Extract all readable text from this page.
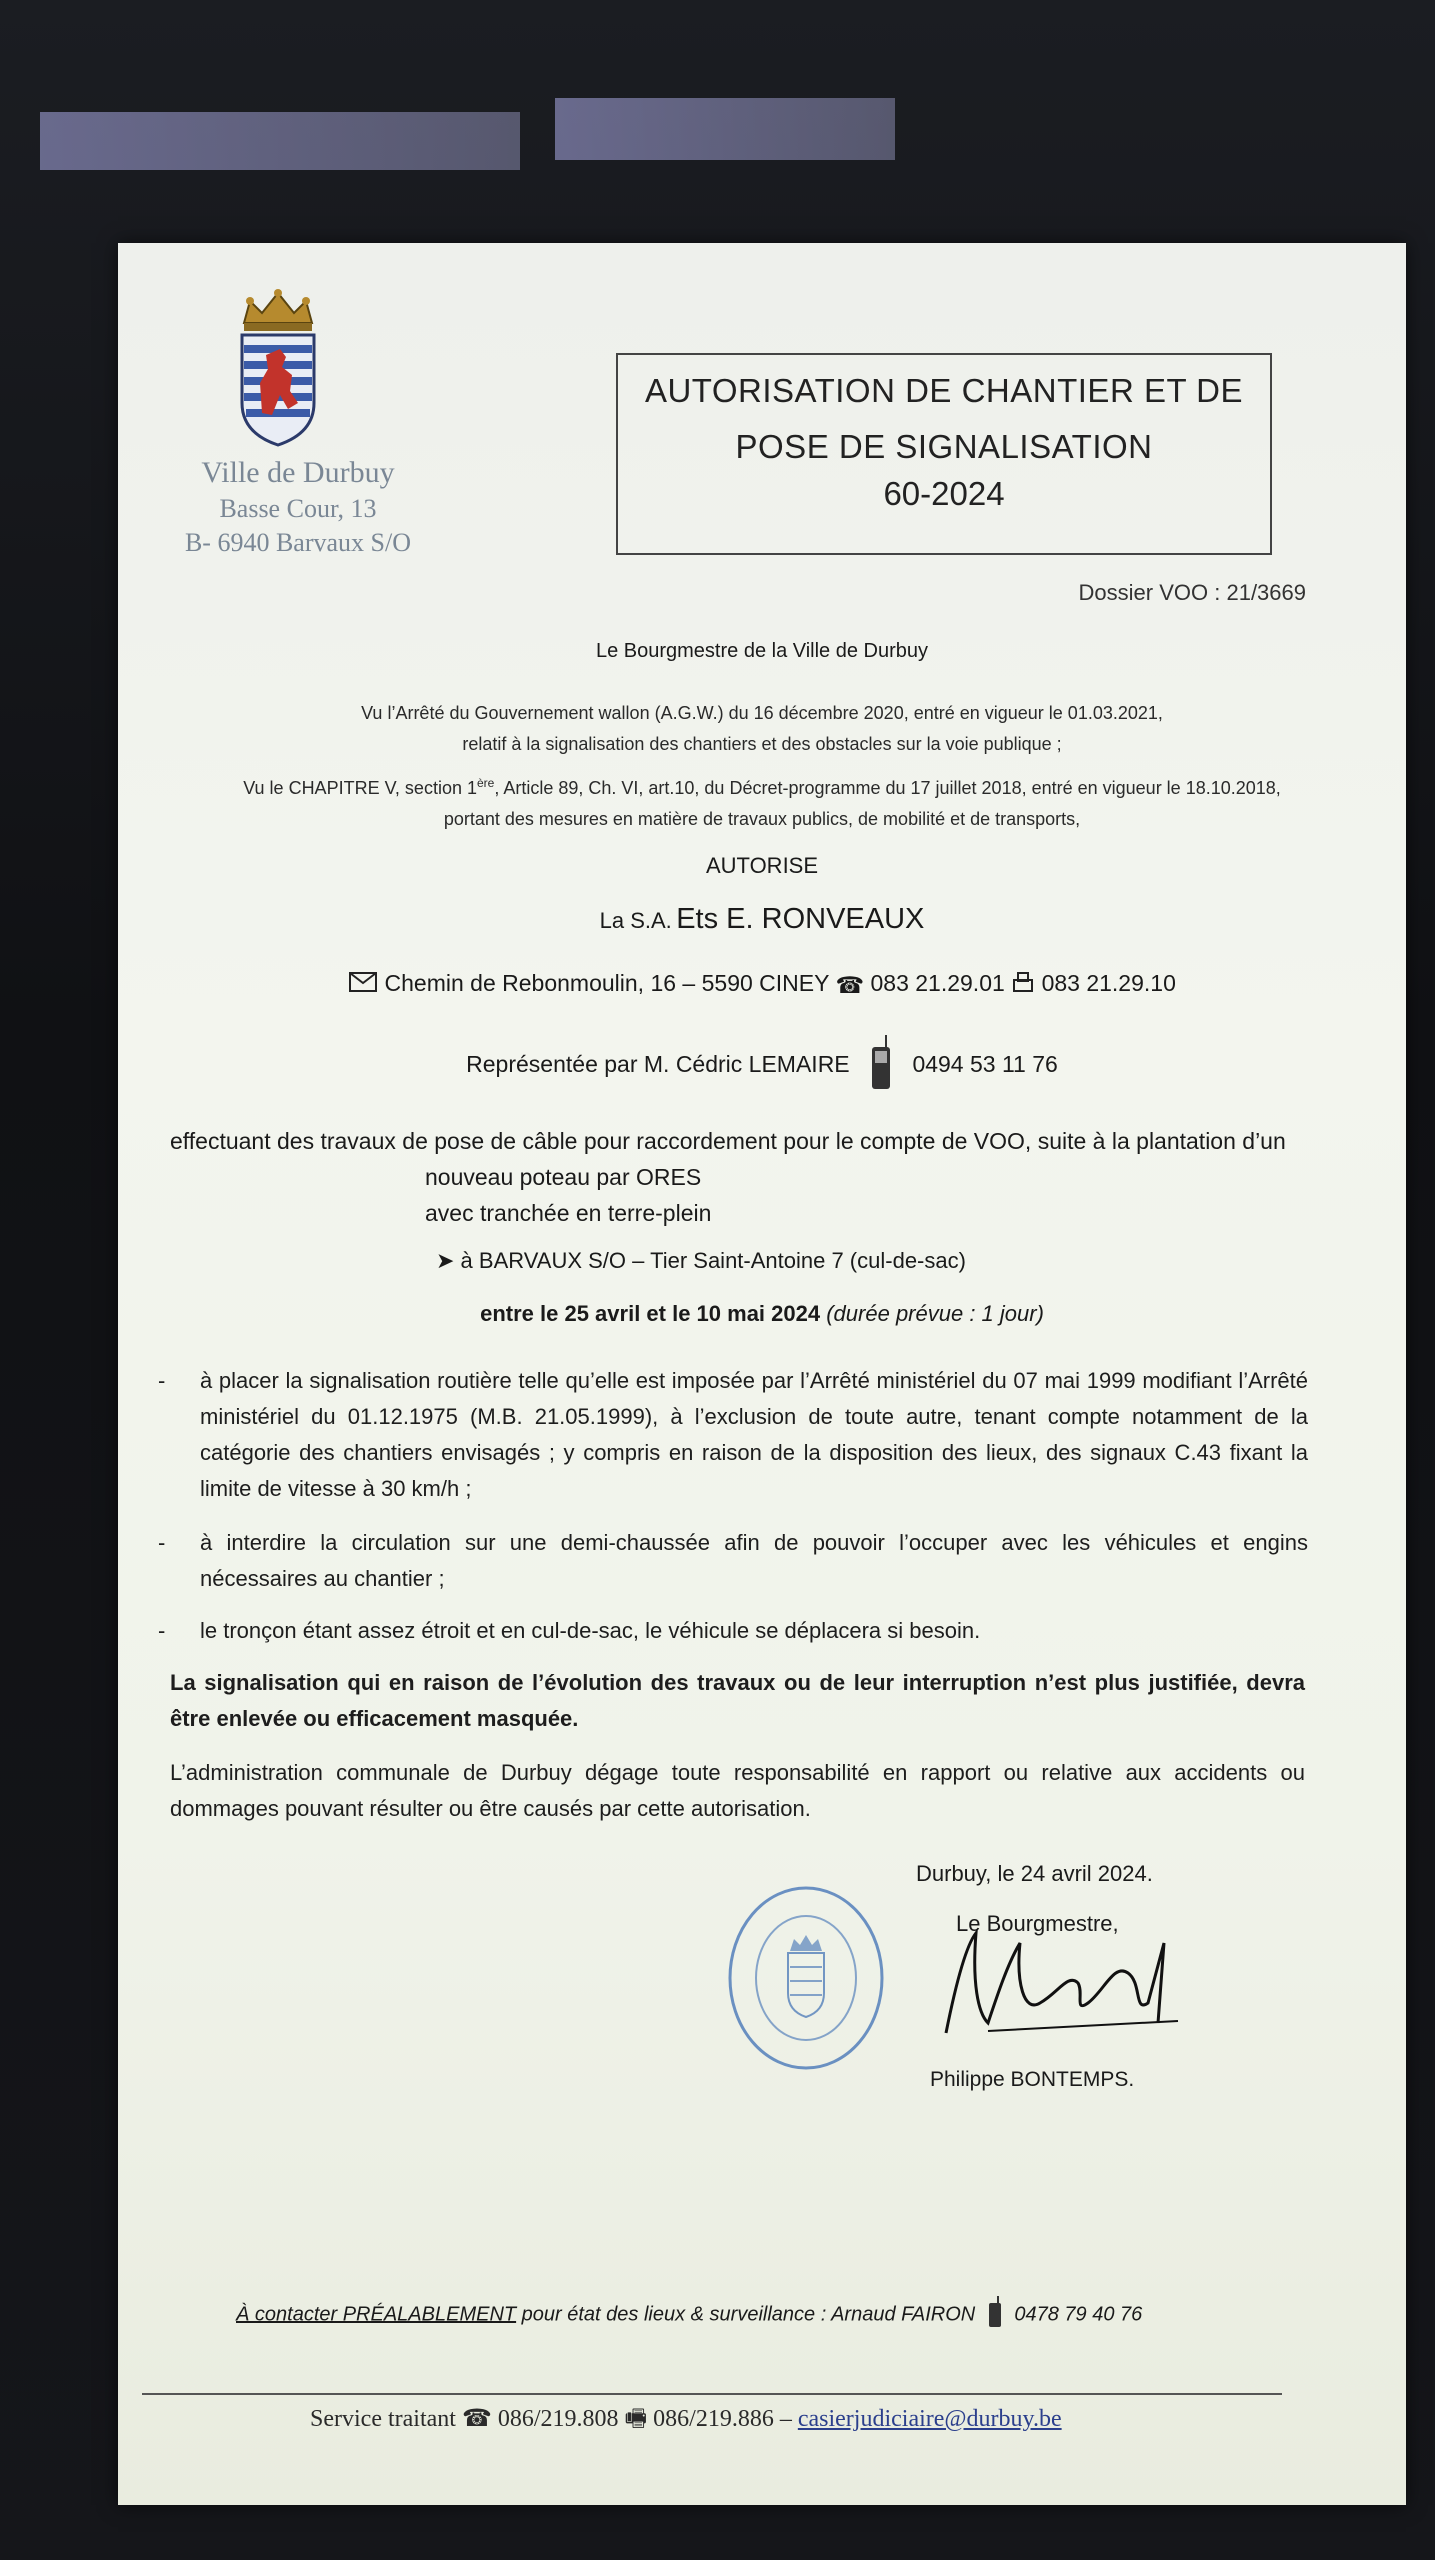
Ville de Durbuy
Basse Cour, 13
B- 6940 Barvaux S/O
AUTORISATION DE CHANTIER ET DE
POSE DE SIGNALISATION
60-2024
Dossier VOO : 21/3669
Le Bourgmestre de la Ville de Durbuy
Vu l’Arrêté du Gouvernement wallon (A.G.W.) du 16 décembre 2020, entré en vigueur le 01.03.2021,
relatif à la signalisation des chantiers et des obstacles sur la voie publique ;
Vu le CHAPITRE V, section 1ère, Article 89, Ch. VI, art.10, du Décret-programme du 17 juillet 2018, entré en vigueur le 18.10.2018,
portant des mesures en matière de travaux publics, de mobilité et de transports,
AUTORISE
La S.A. Ets E. RONVEAUX
Chemin de Rebonmoulin, 16 – 5590 CINEY ☎ 083 21.29.01 083 21.29.10
Représentée par M. Cédric LEMAIRE	0494 53 11 76
effectuant des travaux de pose de câble pour raccordement pour le compte de VOO, suite à la plantation d’un
nouveau poteau par ORES
avec tranchée en terre-plein
➤ à BARVAUX S/O – Tier Saint-Antoine 7 (cul-de-sac)
entre le 25 avril et le 10 mai 2024 (durée prévue : 1 jour)
- à placer la signalisation routière telle qu’elle est imposée par l’Arrêté ministériel du 07 mai 1999 modifiant l’Arrêté ministériel du 01.12.1975 (M.B. 21.05.1999), à l’exclusion de toute autre, tenant compte notamment de la catégorie des chantiers envisagés ; y compris en raison de la disposition des lieux, des signaux C.43 fixant la limite de vitesse à 30 km/h ;
- à interdire la circulation sur une demi-chaussée afin de pouvoir l’occuper avec les véhicules et engins nécessaires au chantier ;
- le tronçon étant assez étroit et en cul-de-sac, le véhicule se déplacera si besoin.
La signalisation qui en raison de l’évolution des travaux ou de leur interruption n’est plus justifiée, devra être enlevée ou efficacement masquée.
L’administration communale de Durbuy dégage toute responsabilité en rapport ou relative aux accidents ou dommages pouvant résulter ou être causés par cette autorisation.
Durbuy, le 24 avril 2024.
Le Bourgmestre,
Philippe BONTEMPS.
À contacter PRÉALABLEMENT pour état des lieux & surveillance : Arnaud FAIRON 0478 79 40 76
Service traitant ☎ 086/219.808 🖷 086/219.886 – casierjudiciaire@durbuy.be
